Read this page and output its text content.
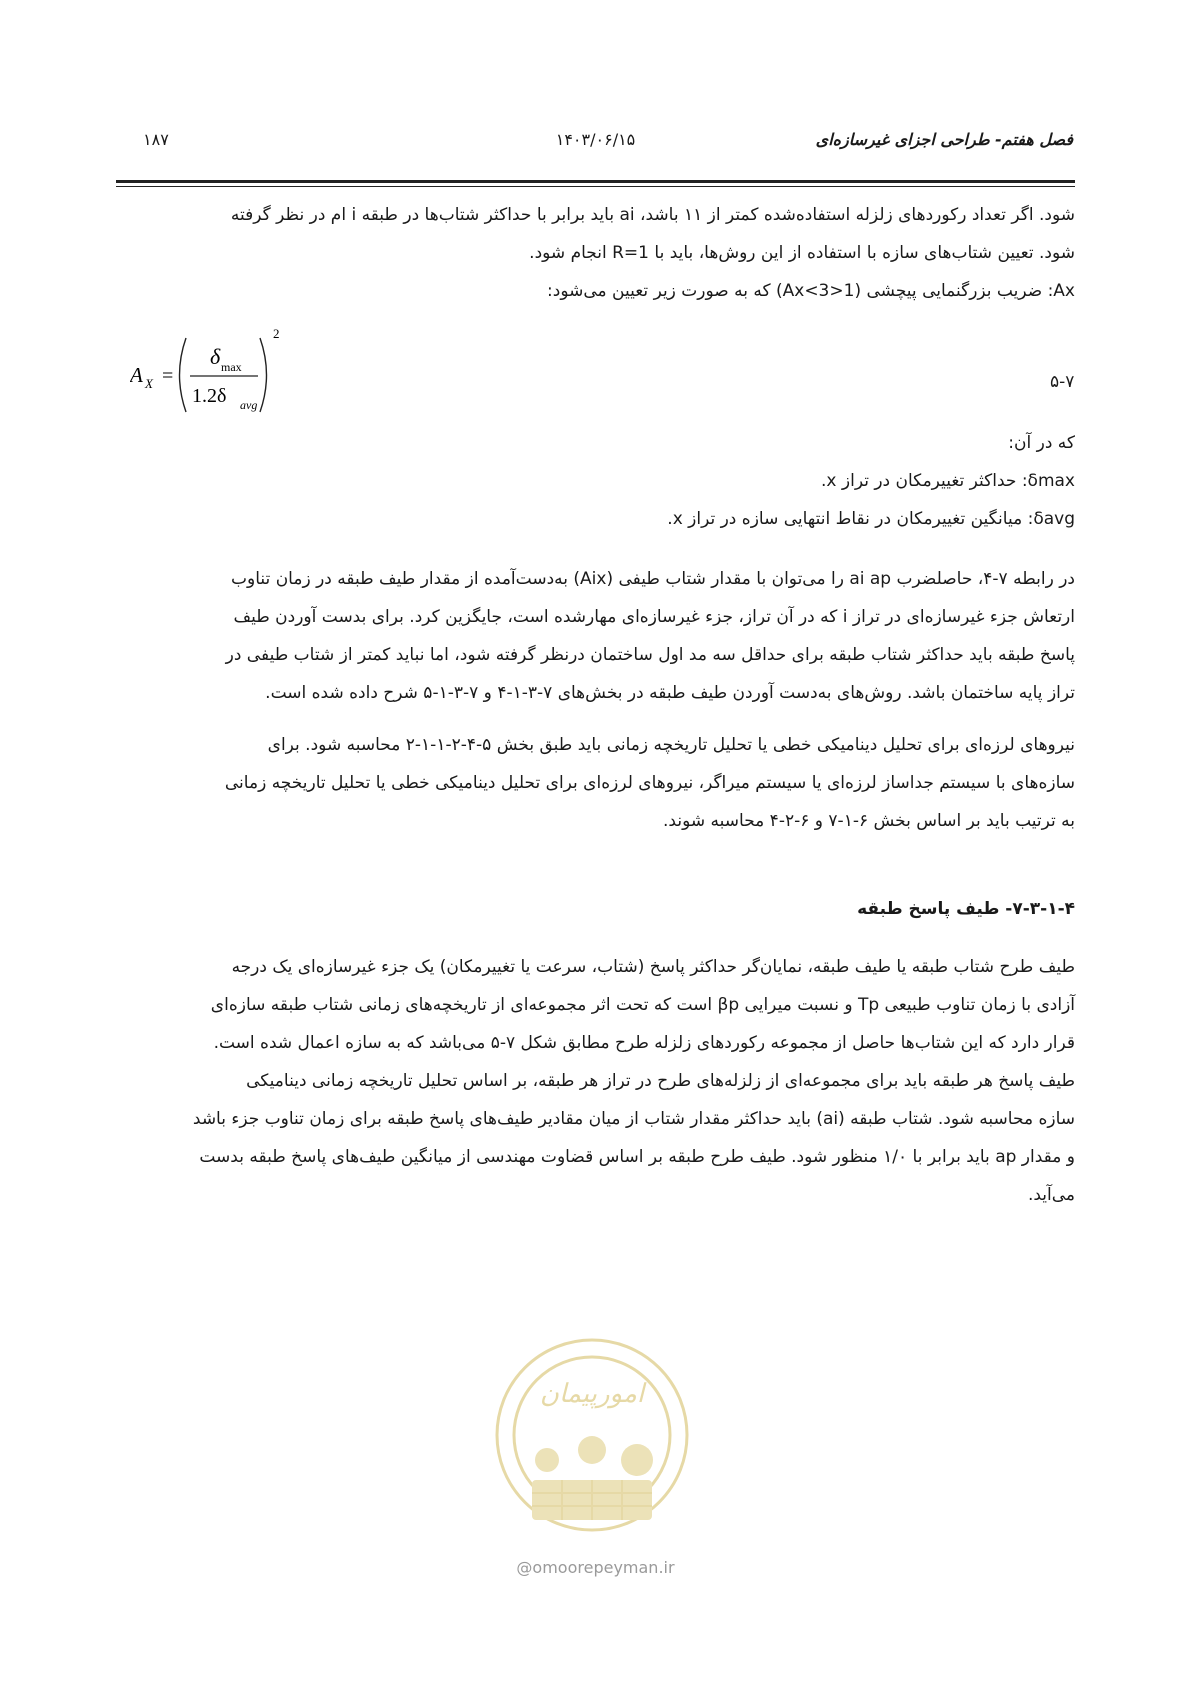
فصل هفتم- طراحی اجزای غیرسازه‌ای
۱۴۰۳/۰۶/۱۵
۱۸۷

شود. اگر تعداد رکوردهای زلزله استفاده‌شده کمتر از ۱۱ باشد، ai باید برابر با حداکثر شتاب‌ها در طبقه i ام در نظر گرفته

شود. تعیین شتاب‌های سازه با استفاده از این روش‌ها، باید با R=1 انجام شود.

Ax: ضریب بزرگنمایی پیچشی (1<Ax<3) که به صورت زیر تعیین می‌شود:

A X =
δ max
1.2δ avg
2
۵-۷

که در آن:

δmax: حداکثر تغییرمکان در تراز x.

δavg: میانگین تغییرمکان در نقاط انتهایی سازه در تراز x.

در رابطه ۷-۴، حاصلضرب ai ap را می‌توان با مقدار شتاب طیفی (Aix) به‌دست‌آمده از مقدار طیف طبقه در زمان تناوب

ارتعاش جزء غیرسازه‌ای در تراز i که در آن تراز، جزء غیرسازه‌ای مهارشده است، جایگزین کرد. برای بدست آوردن طیف

پاسخ طبقه باید حداکثر شتاب طبقه برای حداقل سه مد اول ساختمان درنظر گرفته شود، اما نباید کمتر از شتاب طیفی در

تراز پایه ساختمان باشد. روش‌های به‌دست آوردن طیف طبقه در بخش‌های ۷-۳-۱-۴ و ۷-۳-۱-۵ شرح داده شده است.

نیروهای لرزه‌ای برای تحلیل دینامیکی خطی یا تحلیل تاریخچه زمانی باید طبق بخش ۵-۴-۲-۱-۱-۲ محاسبه شود. برای

سازه‌های با سیستم جداساز لرزه‌ای یا سیستم میراگر، نیروهای لرزه‌ای برای تحلیل دینامیکی خطی یا تحلیل تاریخچه زمانی

به ترتیب باید بر اساس بخش ۶-۱-۷ و ۶-۲-۴ محاسبه شوند.

۷-۳-۱-۴- طیف پاسخ طبقه

طیف طرح شتاب طبقه یا طیف طبقه، نمایان‌گر حداکثر پاسخ (شتاب، سرعت یا تغییرمکان) یک جزء غیرسازه‌ای یک درجه

آزادی با زمان تناوب طبیعی Tp و نسبت میرایی βp است که تحت اثر مجموعه‌ای از تاریخچه‌های زمانی شتاب طبقه سازه‌ای

قرار دارد که این شتاب‌ها حاصل از مجموعه رکوردهای زلزله طرح مطابق شکل ۷-۵ می‌باشد که به سازه اعمال شده است.

طیف پاسخ هر طبقه باید برای مجموعه‌ای از زلزله‌های طرح در تراز هر طبقه، بر اساس تحلیل تاریخچه زمانی دینامیکی

سازه محاسبه شود. شتاب طبقه (ai) باید حداکثر مقدار شتاب از میان مقادیر طیف‌های پاسخ طبقه برای زمان تناوب جزء باشد

و مقدار ap باید برابر با ۱/۰ منظور شود. طیف طرح طبقه بر اساس قضاوت مهندسی از میانگین طیف‌های پاسخ طبقه بدست

می‌آید.

امورپیمان
@omoorepeyman.ir
